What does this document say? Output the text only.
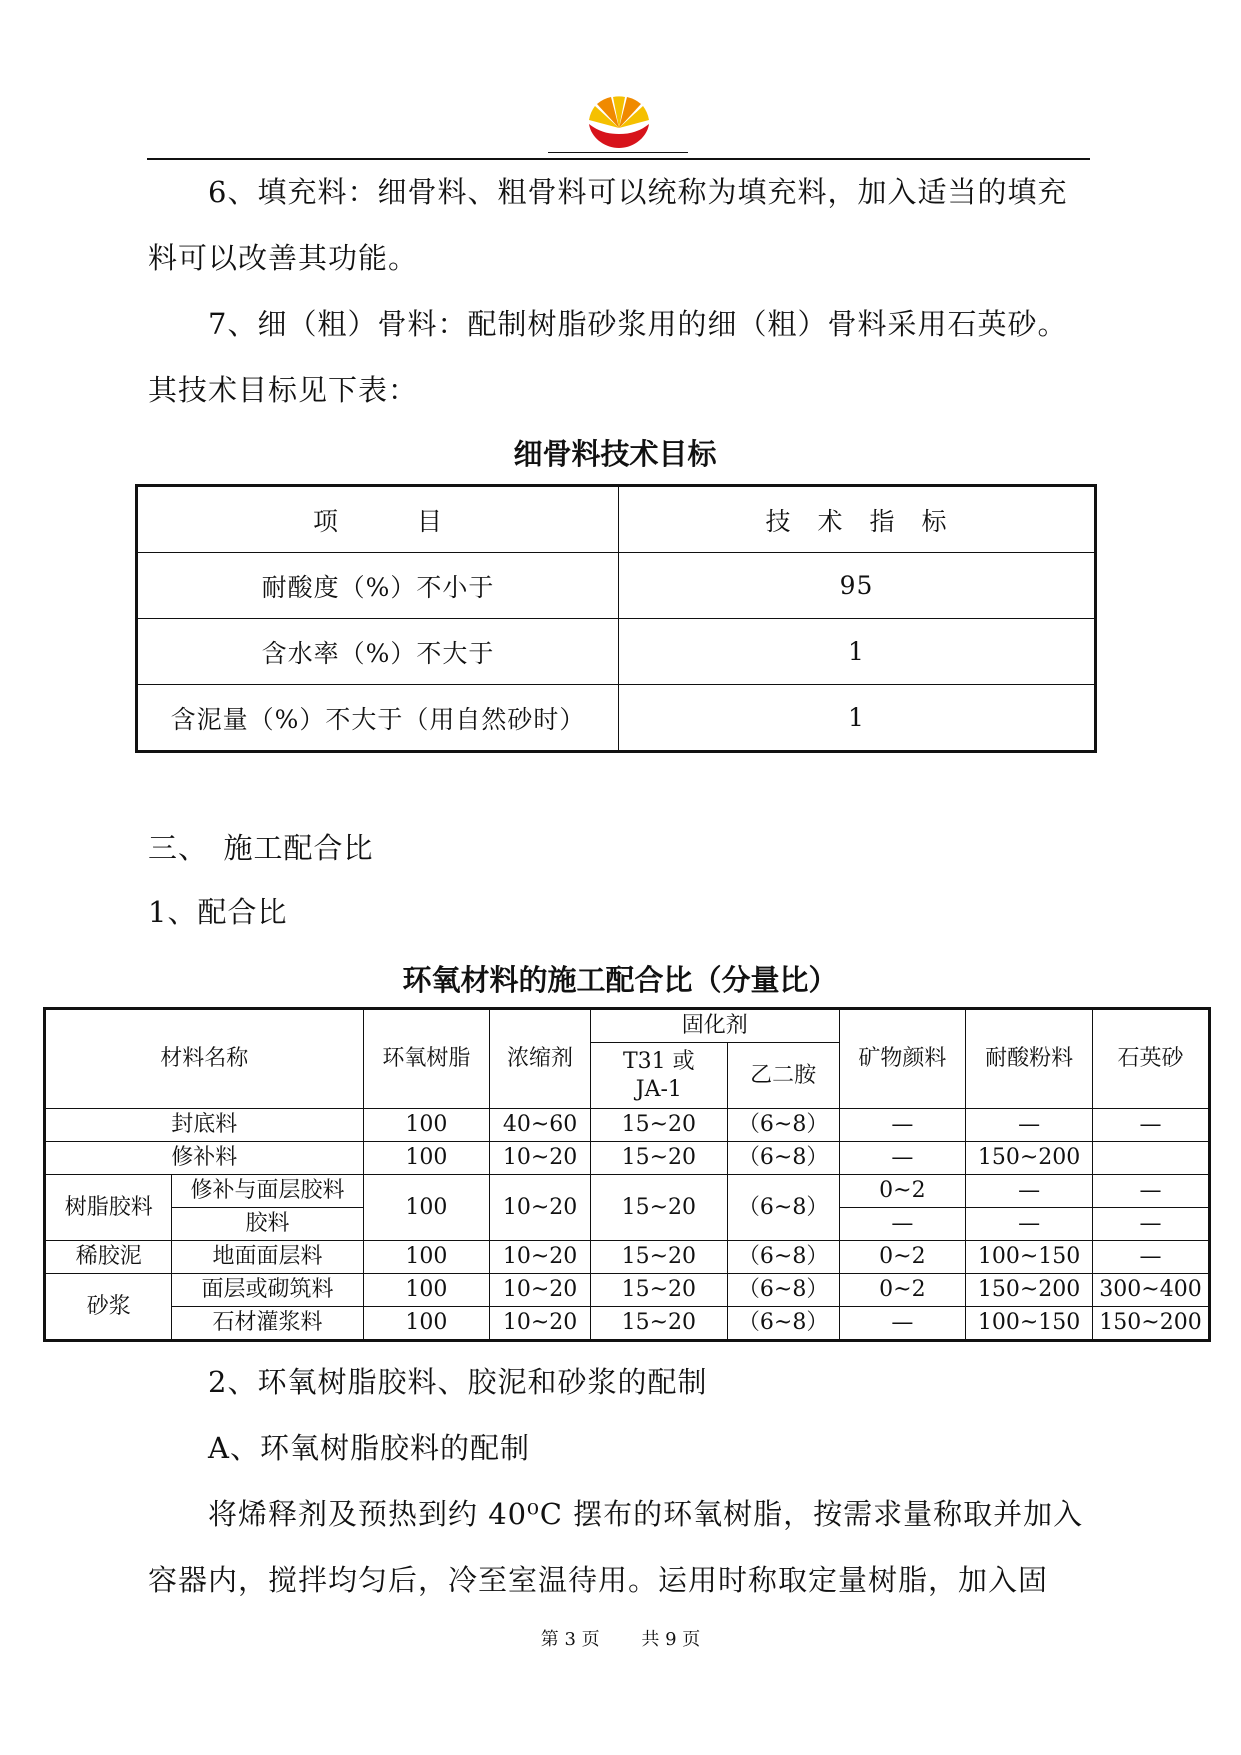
6、填充料：细骨料、粗骨料可以统称为填充料，加入适当的填充
料可以改善其功能。
7、细（粗）骨料：配制树脂砂浆用的细（粗）骨料采用石英砂。
其技术目标见下表：
细骨料技术目标
项　　　目	技　术　指　标
耐酸度（%）不小于	95
含水率（%）不大于	1
含泥量（%）不大于（用自然砂时）	1
三、　施工配合比
1、配合比
环氧材料的施工配合比（分量比）
材料名称		环氧树脂	浓缩剂	固化剂		矿物颜料	耐酸粉料	石英砂
				T31 或 JA-1	乙二胺			
封底料		100	40~60	15~20	（6~8）	—	—	—
修补料		100	10~20	15~20	（6~8）	—	150~200	
树脂胶料	修补与面层胶料	100	10~20	15~20	（6~8）	0~2	—	—
	胶料					—	—	—
稀胶泥	地面面层料	100	10~20	15~20	（6~8）	0~2	100~150	—
砂浆	面层或砌筑料	100	10~20	15~20	（6~8）	0~2	150~200	300~400
	石材灌浆料	100	10~20	15~20	（6~8）	—	100~150	150~200
2、环氧树脂胶料、胶泥和砂浆的配制
A、环氧树脂胶料的配制
将烯释剂及预热到约 40⁰C 摆布的环氧树脂，按需求量称取并加入
容器内，搅拌均匀后，冷至室温待用。运用时称取定量树脂，加入固
第 3 页 共 9 页
